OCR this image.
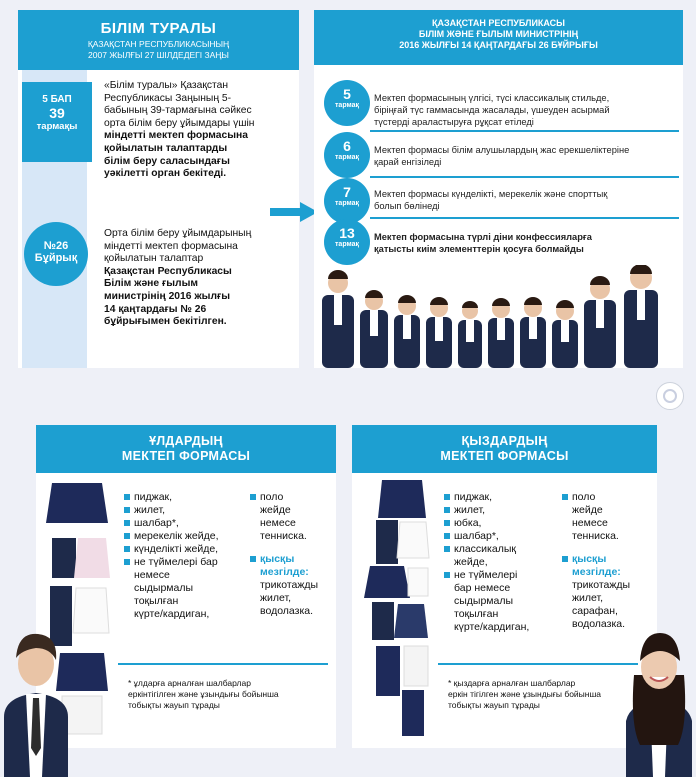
БІЛІМ ТУРАЛЫ
ҚАЗАҚСТАН РЕСПУБЛИКАСЫНЫҢ
2007 ЖЫЛҒЫ 27 ШІЛДЕДЕГІ ЗАҢЫ
5 БАП
39
тармақы
«Білім туралы» Қазақстан
Республикасы Заңының 5-
бабының 39-тармағына сәйкес
орта білім беру ұйымдары үшін
міндетті мектеп формасына
қойылатын талаптарды
білім беру саласындағы
уәкілетті орган бекітеді.
№26
Бұйрық
Орта білім беру ұйымдарының
міндетті мектеп формасына
қойылатын талаптар
Қазақстан Республикасы
Білім және ғылым
министрінің 2016 жылғы
14 қаңтардағы № 26
бұйрығымен бекітілген.
ҚАЗАҚСТАН РЕСПУБЛИКАСЫ
БІЛІМ ЖӘНЕ ҒЫЛЫМ МИНИСТРІНІҢ
2016 ЖЫЛҒЫ 14 ҚАҢТАРДАҒЫ 26 БҰЙРЫҒЫ
5
тармақ
Мектеп формасының үлгісі, түсі классикалық стильде,
біріңғай түс гаммасында жасалады, үшеуден асырмай
түстерді араластыруға рұқсат етіледі
6
тармақ
Мектеп формасы білім алушылардың жас ерекшеліктеріне
қарай енгізіледі
7
тармақ
Мектеп формасы күнделікті, мерекелік және спорттық
болып бөлінеді
13
тармақ
Мектеп формасына түрлі діни конфессияларға
қатысты киім элементтерін қосуға болмайды
ҰЛДАРДЫҢ
МЕКТЕП ФОРМАСЫ
пиджак,
жилет,
шалбар*,
мерекелік жейде,
күнделікті жейде,
не түймелері бар
немесе
сыдырмалы
тоқылған
күрте/кардиган,
поло
жейде
немесе
тенниска.
қысқы
мезгілде:
трикотажды
жилет,
водолазка.
* ұлдарға арналған шалбарлар
еркінтігілген және ұзындығы бойынша
тобықты жауып тұрады
ҚЫЗДАРДЫҢ
МЕКТЕП ФОРМАСЫ
пиджак,
жилет,
юбка,
шалбар*,
классикалық
жейде,
не түймелері
бар немесе
сыдырмалы
тоқылған
күрте/кардиган,
поло
жейде
немесе
тенниска.
қысқы
мезгілде:
трикотажды
жилет,
сарафан,
водолазка.
* қыздарға арналған шалбарлар
еркін тігілген және ұзындығы бойынша
тобықты жауып тұрады
